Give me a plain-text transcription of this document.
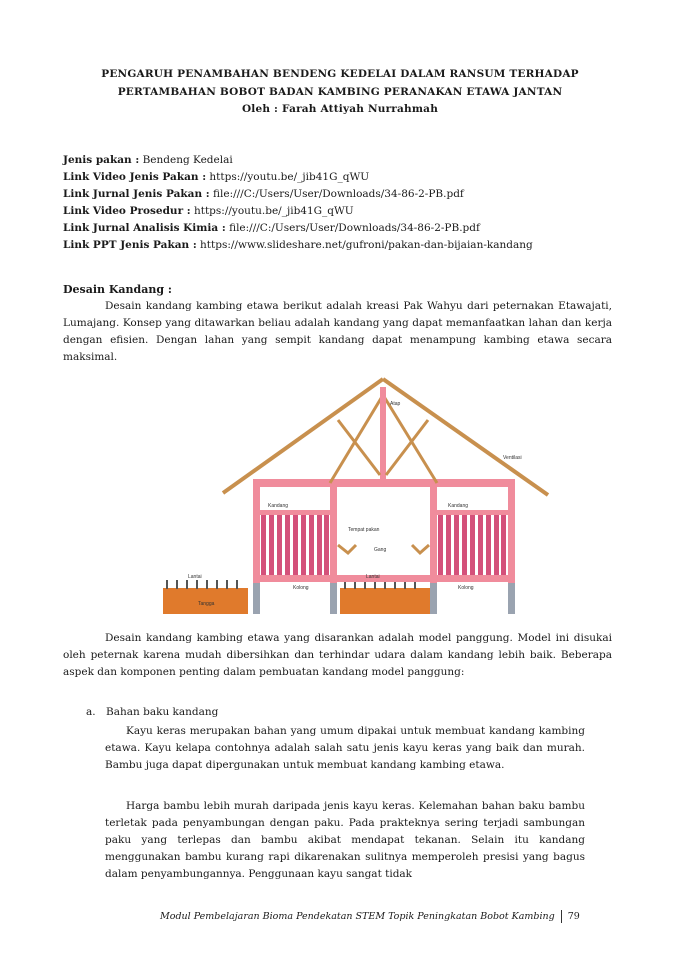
PENGARUH PENAMBAHAN BENDENG KEDELAI DALAM RANSUM TERHADAP
PERTAMBAHAN BOBOT BADAN KAMBING PERANAKAN ETAWA JANTAN
Oleh : Farah Attiyah Nurrahmah
Jenis pakan : Bendeng Kedelai
Link Video Jenis Pakan : https://youtu.be/_jib41G_qWU
Link Jurnal Jenis Pakan : file:///C:/Users/User/Downloads/34-86-2-PB.pdf
Link Video Prosedur : https://youtu.be/_jib41G_qWU
Link Jurnal Analisis Kimia : file:///C:/Users/User/Downloads/34-86-2-PB.pdf
Link PPT Jenis Pakan : https://www.slideshare.net/gufroni/pakan-dan-bijaian-kandang
Desain Kandang :
Desain kandang kambing etawa berikut adalah kreasi Pak Wahyu dari peternakan Etawajati, Lumajang. Konsep yang ditawarkan beliau adalah kandang yang dapat memanfaatkan lahan dan kerja dengan efisien. Dengan lahan yang sempit kandang dapat menampung kambing etawa secara maksimal.
Atap
Ventilasi
Kandang	Kandang
Gang
Tempat pakan
Lantai	Lantai
Kolong	Kolong
Tangga
Desain kandang kambing etawa yang disarankan adalah model panggung. Model ini disukai oleh peternak karena mudah dibersihkan dan terhindar udara dalam kandang lebih baik. Beberapa aspek dan komponen penting dalam pembuatan kandang model panggung:
a. Bahan baku kandang
Kayu keras merupakan bahan yang umum dipakai untuk membuat kandang kambing etawa. Kayu kelapa contohnya adalah salah satu jenis kayu keras yang baik dan murah. Bambu juga dapat dipergunakan untuk membuat kandang kambing etawa.
Harga bambu lebih murah daripada jenis kayu keras. Kelemahan bahan baku bambu terletak pada penyambungan dengan paku. Pada prakteknya sering terjadi sambungan paku yang terlepas dan bambu akibat mendapat tekanan. Selain itu kandang menggunakan bambu kurang rapi dikarenakan sulitnya memperoleh presisi yang bagus dalam penyambungannya. Penggunaan kayu sangat tidak
Modul Pembelajaran Bioma Pendekatan STEM Topik Peningkatan Bobot Kambing 79
